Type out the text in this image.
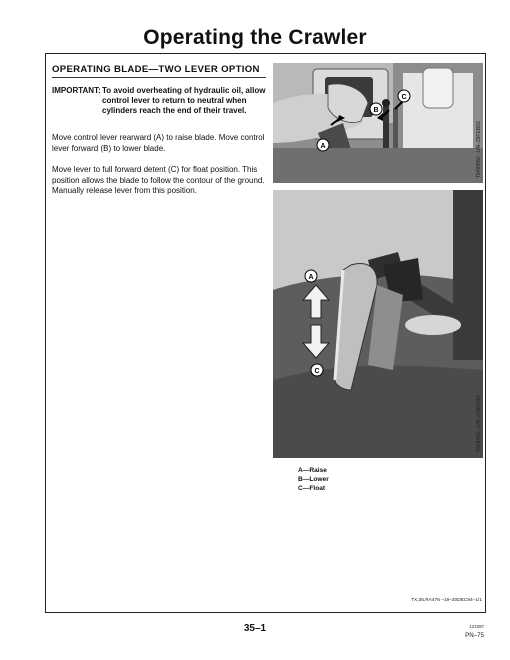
Operating the Crawler
OPERATING BLADE—TWO LEVER OPTION
IMPORTANT: To avoid overheating of hydraulic oil, allow control lever to return to neutral when cylinders reach the end of their travel.
Move control lever rearward (A) to raise blade. Move control lever forward (B) to lower blade.
Move lever to full forward detent (C) for float position. This position allows the blade to follow the contour of the ground. Manually release lever from this position.
A
B
C
T94899W –UN–29FEB93
A
C
T82840G –UN–22NOV94
A—Raise
B—Lower
C—Float
TX,35,RA476 –19–20DEC94–1/1
35–1	121097
PN–75
